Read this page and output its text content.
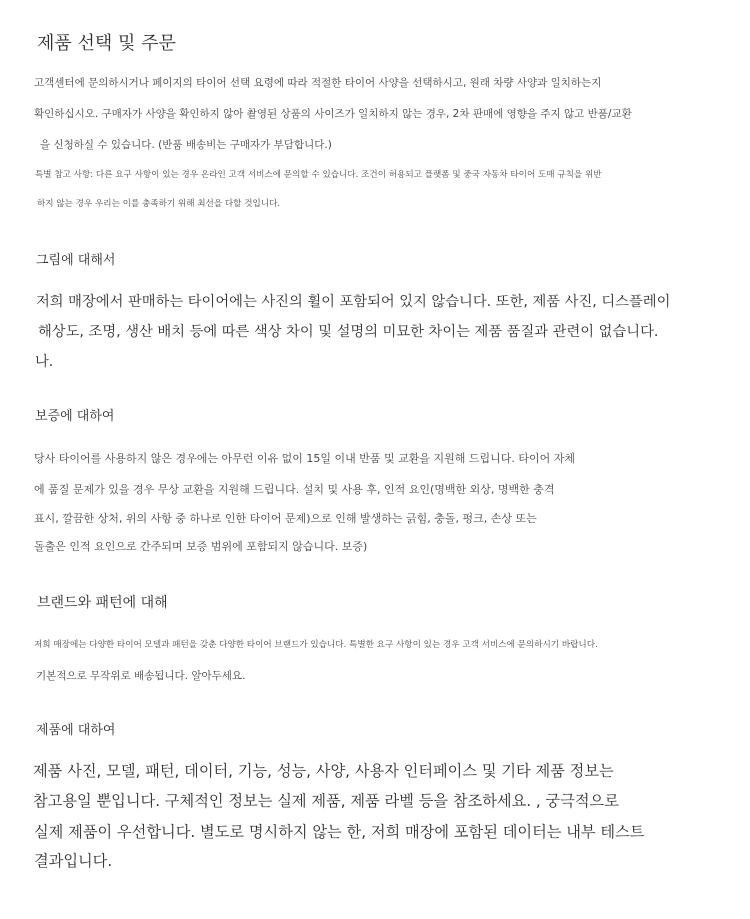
제품 선택 및 주문
고객센터에 문의하시거나 페이지의 타이어 선택 요령에 따라 적절한 타이어 사양을 선택하시고, 원래 차량 사양과 일치하는지
확인하십시오. 구매자가 사양을 확인하지 않아 촬영된 상품의 사이즈가 일치하지 않는 경우, 2차 판매에 영향을 주지 않고 반품/교환
을 신청하실 수 있습니다. (반품 배송비는 구매자가 부담합니다.)
특별 참고 사항: 다른 요구 사항이 있는 경우 온라인 고객 서비스에 문의할 수 있습니다. 조건이 허용되고 플랫폼 및 중국 자동차 타이어 도매 규칙을 위반
하지 않는 경우 우리는 이를 충족하기 위해 최선을 다할 것입니다.
그림에 대해서
저희 매장에서 판매하는 타이어에는 사진의 휠이 포함되어 있지 않습니다. 또한, 제품 사진, 디스플레이
해상도, 조명, 생산 배치 등에 따른 색상 차이 및 설명의 미묘한 차이는 제품 품질과 관련이 없습니다.
나.
보증에 대하여
당사 타이어를 사용하지 않은 경우에는 아무런 이유 없이 15일 이내 반품 및 교환을 지원해 드립니다. 타이어 자체
에 품질 문제가 있을 경우 무상 교환을 지원해 드립니다. 설치 및 사용 후, 인적 요인(명백한 외상, 명백한 충격
표시, 깔끔한 상처, 위의 사항 중 하나로 인한 타이어 문제)으로 인해 발생하는 긁힘, 충돌, 펑크, 손상 또는
돌출은 인적 요인으로 간주되며 보증 범위에 포함되지 않습니다. 보증)
브랜드와 패턴에 대해
저희 매장에는 다양한 타이어 모델과 패턴을 갖춘 다양한 타이어 브랜드가 있습니다. 특별한 요구 사항이 있는 경우 고객 서비스에 문의하시기 바랍니다.
기본적으로 무작위로 배송됩니다. 알아두세요.
제품에 대하여
제품 사진, 모델, 패턴, 데이터, 기능, 성능, 사양, 사용자 인터페이스 및 기타 제품 정보는
참고용일 뿐입니다. 구체적인 정보는 실제 제품, 제품 라벨 등을 참조하세요. , 궁극적으로
실제 제품이 우선합니다. 별도로 명시하지 않는 한, 저희 매장에 포함된 데이터는 내부 테스트
결과입니다.
